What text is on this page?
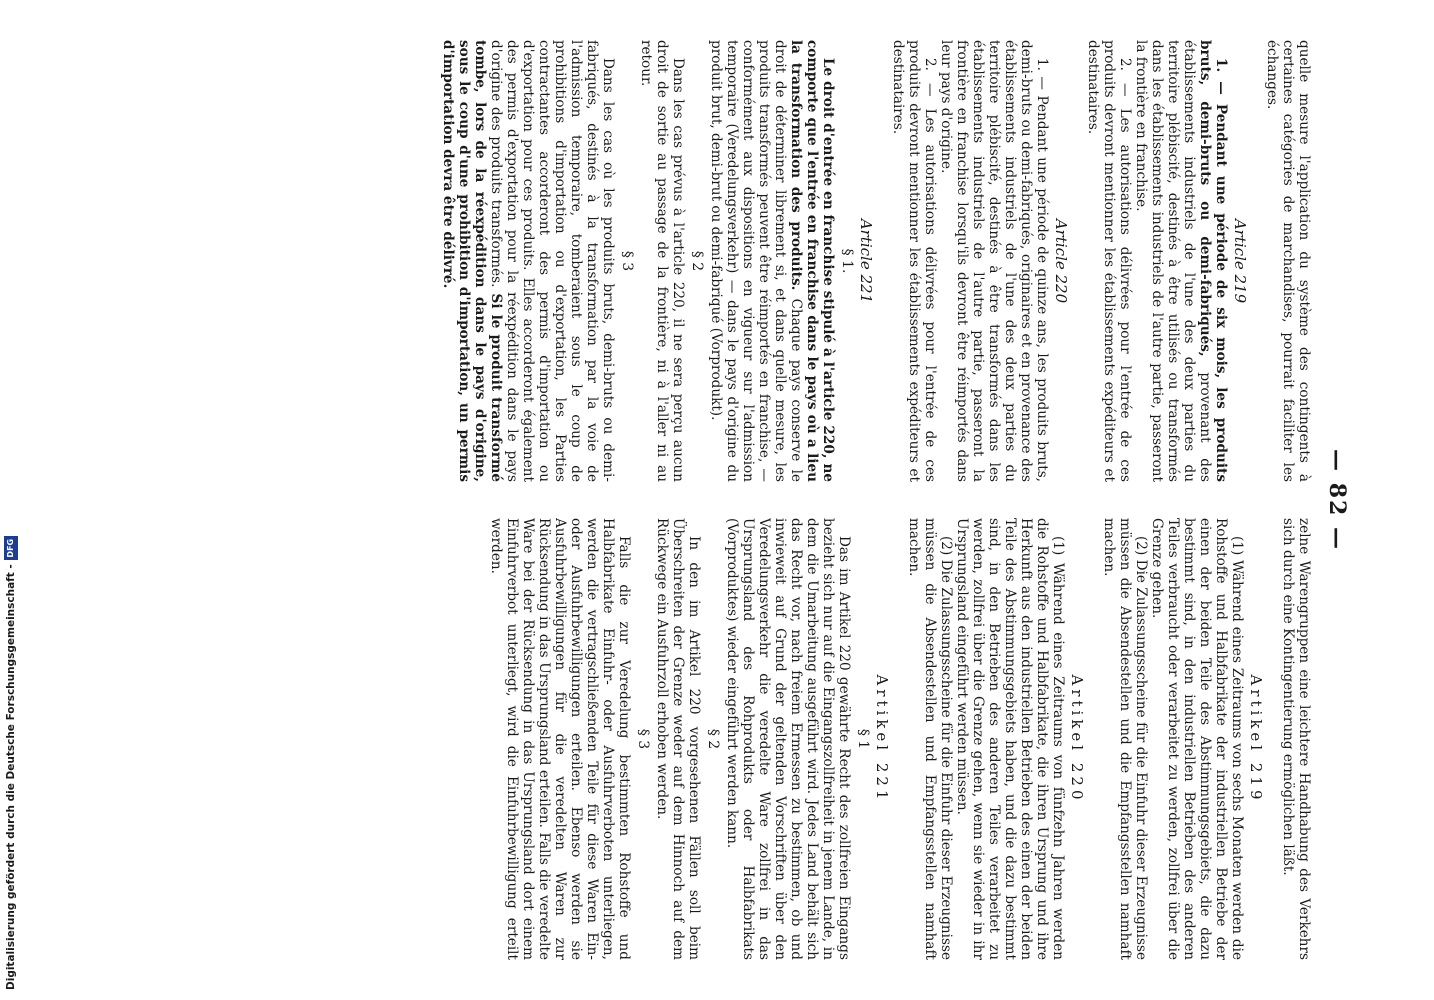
— 82 —

quelle mesure l'application du système des contingents à certaines catégories de marchandises, pourrait faciliter les échanges.

Article 219

1. — Pendant une période de six mois, les produits bruts, demi-bruts ou demi-fabriqués, provenant des établissements industriels de l'une des deux parties du territoire plébiscité, destinés à être utilisés ou transformés dans les établissements industriels de l'autre partie, passeront la frontière en franchise.

2. — Les autorisations délivrées pour l'entrée de ces produits devront mentionner les établissements expéditeurs et destinataires.

Article 220

1. — Pendant une période de quinze ans, les produits bruts, demi-bruts ou demi-fabriqués, originaires et en provenance des établissements industriels de l'une des deux parties du territoire plébiscité, destinés à être transformés dans les établissements industriels de l'autre partie, passeront la frontière en franchise lorsqu'ils devront être réimportés dans leur pays d'origine.

2. — Les autorisations délivrées pour l'entrée de ces produits devront mentionner les établissements expéditeurs et destinataires.

Article 221

§ 1.

Le droit d'entrée en franchise stipulé à l'article 220, ne comporte que l'entrée en franchise dans le pays où a lieu la transformation des produits. Chaque pays conserve le droit de déterminer librement si, et dans quelle mesure, les produits transformés peuvent être réimportés en franchise, — conformément aux dispositions en vigueur sur l'admission temporaire (Veredelungsverkehr) — dans le pays d'origine du produit brut, demi-brut ou demi-fabriqué (Vorprodukt).

§ 2

Dans les cas prévus à l'article 220, il ne sera perçu aucun droit de sortie au passage de la frontière, ni à l'aller ni au retour.

§ 3

Dans les cas où les produits bruts, demi-bruts ou demi-fabriqués, destinés à la transformation par la voie de l'admission temporaire, tomberaient sous le coup de prohibitions d'importation ou d'exportation, les Parties contractantes accorderont des permis d'importation ou d'exportation pour ces produits. Elles accorderont également des permis d'exportation pour la réexpédition dans le pays d'origine des produits transformés. Si le produit transformé tombe, lors de la réexpédition dans le pays d'origine, sous le coup d'une prohibition d'importation, un permis d'importation devra être délivré.

zelne Warengruppen eine leichtere Handhabung des Verkehrs sich durch eine Kontingentierung ermöglichen läßt.

Artikel 219

(1) Während eines Zeitraums von sechs Monaten werden die Rohstoffe und Halbfabrikate der industriellen Betriebe der einen der beiden Teile des Abstimmungsgebiets, die dazu bestimmt sind, in den industriellen Betrieben des anderen Teiles verbraucht oder verarbeitet zu werden, zollfrei über die Grenze gehen.

(2) Die Zulassungsscheine für die Einfuhr dieser Erzeugnisse müssen die Absendestellen und die Empfangsstellen namhaft machen.

Artikel 220

(1) Während eines Zeitraums von fünfzehn Jahren werden die Rohstoffe und Halbfabrikate, die ihren Ursprung und ihre Herkunft aus den industriellen Betrieben des einen der beiden Teile des Abstimmungsgebiets haben, und die dazu bestimmt sind, in den Betrieben des anderen Teiles verarbeitet zu werden, zollfrei über die Grenze gehen, wenn sie wieder in ihr Ursprungsland eingeführt werden müssen.

(2) Die Zulassungsscheine für die Einfuhr dieser Erzeugnisse müssen die Absendestellen und Empfangsstellen namhaft machen.

Artikel 221

§ 1

Das im Artikel 220 gewährte Recht des zollfreien Eingangs bezieht sich nur auf die Eingangszollfreiheit in jenem Lande, in dem die Umarbeitung ausgeführt wird. Jedes Land behält sich das Recht vor, nach freiem Ermessen zu bestimmen, ob und inwieweit auf Grund der geltenden Vorschriften über den Veredelungsverkehr die veredelte Ware zollfrei in das Ursprungsland des Rohprodukts oder Halbfabrikats (Vorproduktes) wieder eingeführt werden kann.

§ 2

In den im Artikel 220 vorgesehenen Fällen soll beim Überschreiten der Grenze weder auf dem Hinnoch auf dem Rückwege ein Ausfuhrzoll erhoben werden.

§ 3

Falls die zur Veredelung bestimmten Rohstoffe und Halbfabrikate Einfuhr- oder Ausfuhrverboten unterliegen, werden die vertragschließenden Teile für diese Waren Ein- oder Ausfuhrbewilligungen erteilen. Ebenso werden sie Ausfuhrbewilligungen für die veredelten Waren zur Rücksendung in das Ursprungsland erteilen. Falls die veredelte Ware bei der Rücksendung in das Ursprungsland dort einem Einfuhrverbot unterliegt, wird die Einfuhrbewilligung erteilt werden.

Digitalisierung gefördert durch die Deutsche Forschungsgemeinschaft -
DFG
